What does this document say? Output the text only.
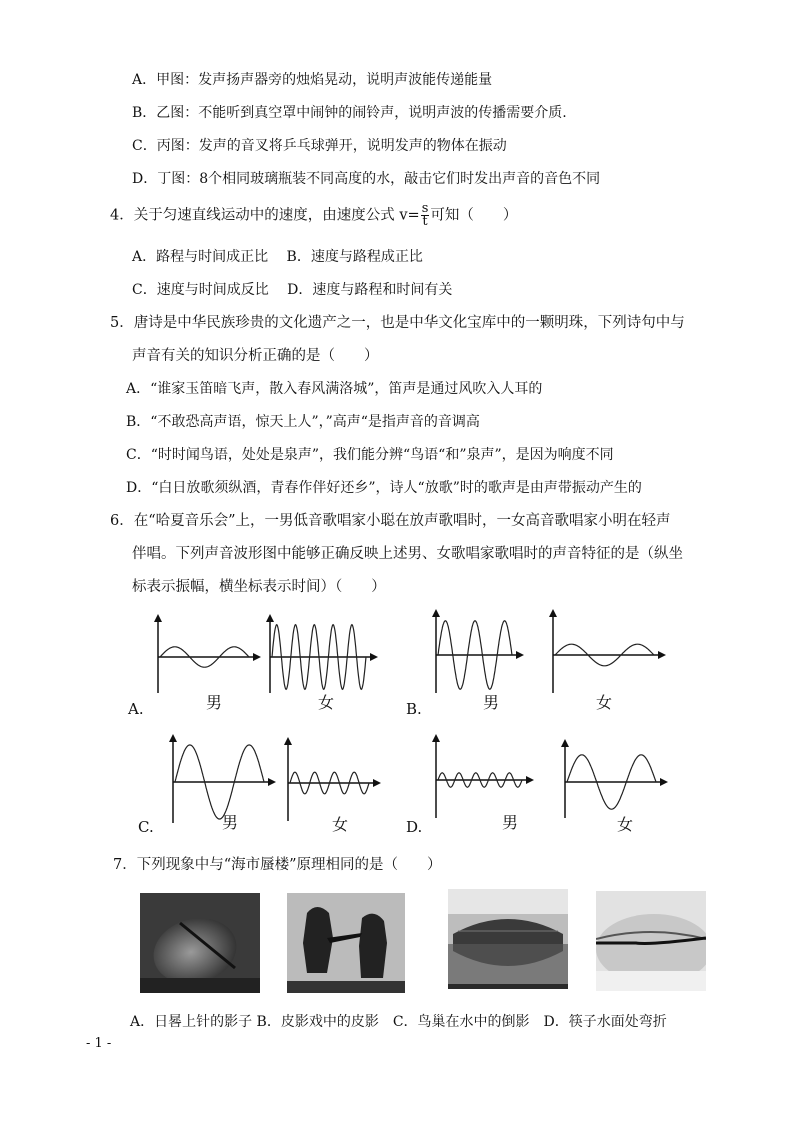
A．甲图：发声扬声器旁的烛焰晃动，说明声波能传递能量
B．乙图：不能听到真空罩中闹钟的闹铃声，说明声波的传播需要介质.
C．丙图：发声的音叉将乒乓球弹开，说明发声的物体在振动
D．丁图：8个相同玻璃瓶装不同高度的水，敲击它们时发出声音的音色不同
4．关于匀速直线运动中的速度，由速度公式 $v= \frac{s}{t}$ 可知（　　）
A．路程与时间成正比　 B．速度与路程成正比
C．速度与时间成反比　 D．速度与路程和时间有关
5．唐诗是中华民族珍贵的文化遗产之一，也是中华文化宝库中的一颗明珠，下列诗句中与
声音有关的知识分析正确的是（　　）
A．“谁家玉笛暗飞声，散入春风满洛城”，笛声是通过风吹入人耳的
B．“不敢恐高声语，惊天上人”，”高声“是指声音的音调高
C．“时时闻鸟语，处处是泉声”，我们能分辨“鸟语“和”泉声”，是因为响度不同
D．“白日放歌须纵酒，青春作伴好还乡”，诗人“放歌”时的歌声是由声带振动产生的
6．在“哈夏音乐会”上，一男低音歌唱家小聪在放声歌唱时，一女高音歌唱家小明在轻声
伴唱。下列声音波形图中能够正确反映上述男、女歌唱家歌唱时的声音特征的是（纵坐
标表示振幅，横坐标表示时间）（　　）
A.	男	女	B.	男	女
C.	男	女	D.	男	女
7．下列现象中与“海市蜃楼”原理相同的是（　　）
A．日晷上针的影子 B．皮影戏中的皮影　C．鸟巢在水中的倒影　D．筷子水面处弯折
- 1 -
